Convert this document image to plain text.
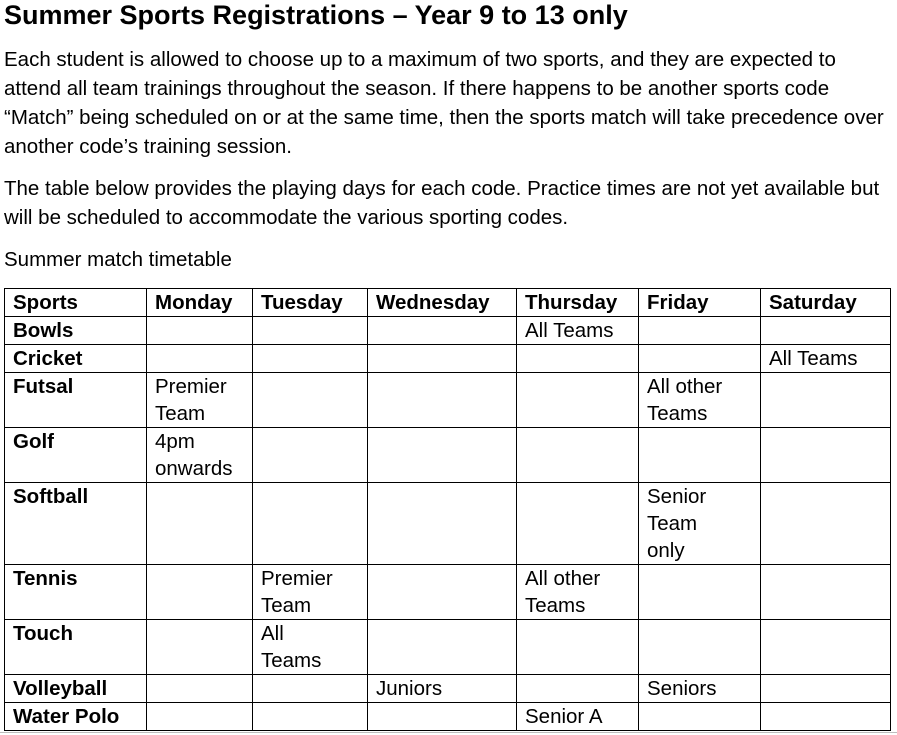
Summer Sports Registrations – Year 9 to 13 only

Each student is allowed to choose up to a maximum of two sports, and they are expected to attend all team trainings throughout the season. If there happens to be another sports code “Match” being scheduled on or at the same time, then the sports match will take precedence over another code’s training session.

The table below provides the playing days for each code. Practice times are not yet available but will be scheduled to accommodate the various sporting codes.

Summer match timetable

Sports	Monday	Tuesday	Wednesday	Thursday	Friday	Saturday
Bowls				All Teams		
Cricket						All Teams
Futsal	Premier
Team				All other
Teams	
Golf	4pm
onwards					
Softball					Senior
Team
only	
Tennis		Premier
Team		All other
Teams		
Touch		All
Teams				
Volleyball			Juniors		Seniors	
Water Polo				Senior A		
